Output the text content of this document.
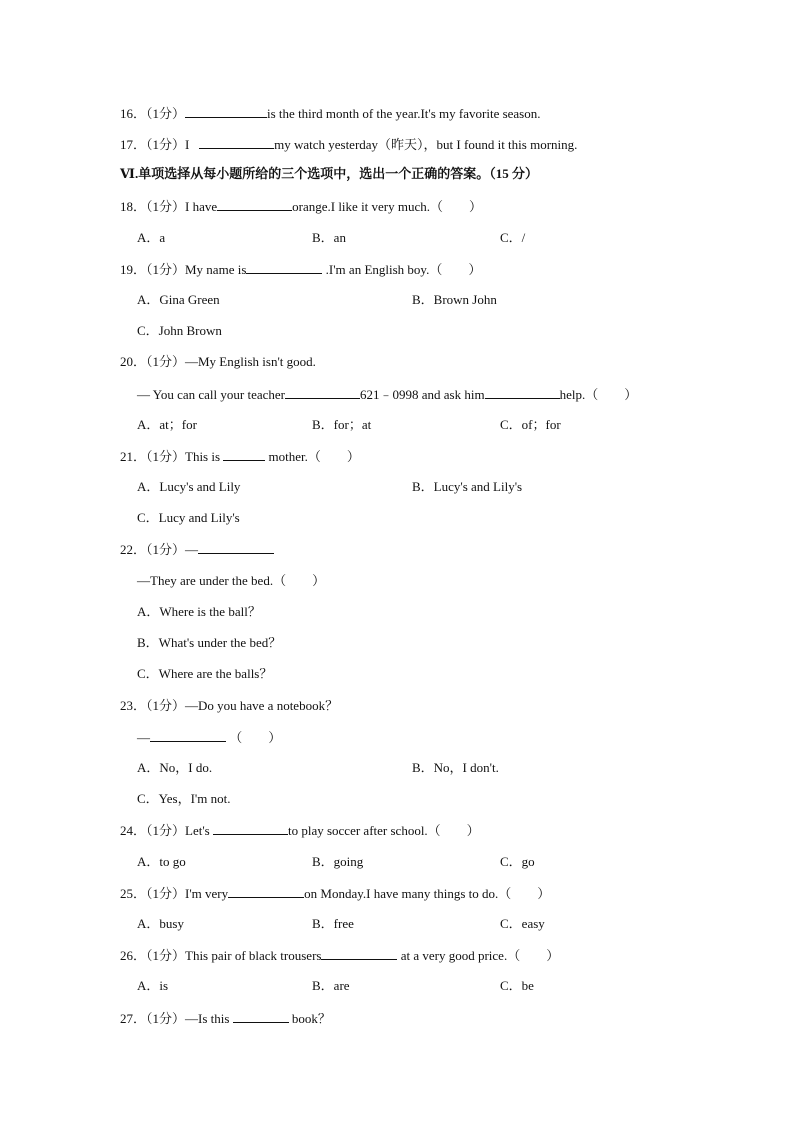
16．（1分）	is the third month of the year.It's my favorite season.
17．（1分）I	my watch yesterday（昨天），but I found it this morning.
Ⅵ.单项选择从每小题所给的三个选项中，选出一个正确的答案。（15 分）
18．（1分）I have	orange.I like it very much.（　　）
A．a	B．an	C．/
19．（1分）My name is	.I'm an English boy.（　　）
A．Gina Green	B．Brown John
C．John Brown
20．（1分）—My English isn't good.
— You can call your teacher	621﹣0998 and ask him	help.（　　）
A．at；for	B．for；at	C．of；for
21．（1分）This is	mother.（　　）
A．Lucy's and Lily	B．Lucy's and Lily's
C．Lucy and Lily's
22．（1分）—
—They are under the bed.（　　）
A．Where is the ball？
B．What's under the bed？
C．Where are the balls？
23．（1分）—Do you have a notebook？
—	（　　）
A．No，I do.	B．No，I don't.
C．Yes，I'm not.
24．（1分）Let's	to play soccer after school.（　　）
A．to go	B．going	C．go
25．（1分）I'm very	on Monday.I have many things to do.（　　）
A．busy	B．free	C．easy
26．（1分）This pair of black trousers	at a very good price.（　　）
A．is	B．are	C．be
27．（1分）—Is this	book？
